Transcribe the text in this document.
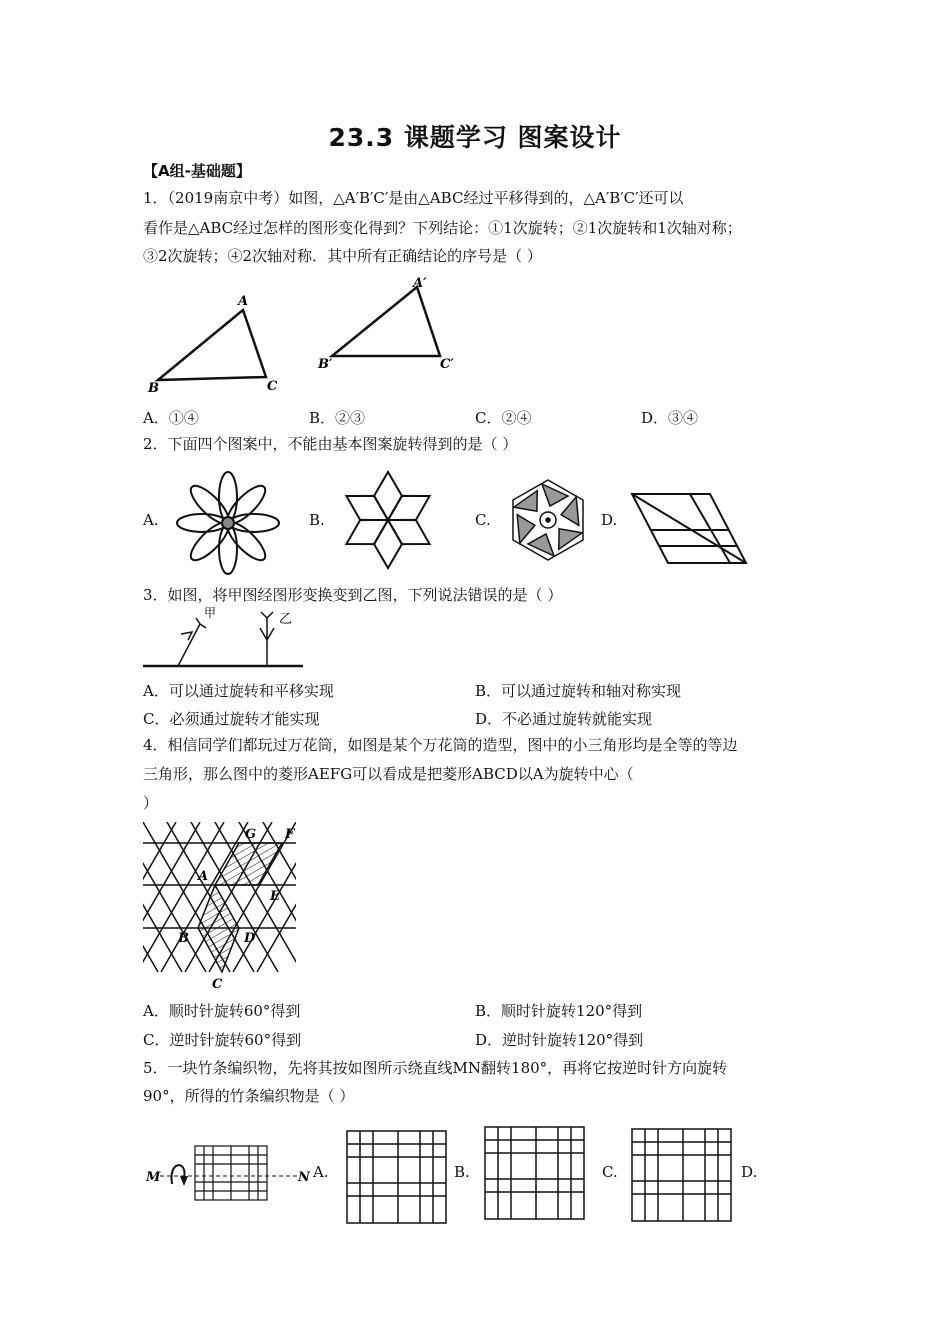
23.3 课题学习 图案设计
【A组-基础题】
1．（2019南京中考）如图，△A′B′C′是由△ABC经过平移得到的，△A′B′C′还可以
看作是△ABC经过怎样的图形变化得到？下列结论：①1次旋转；②1次旋转和1次轴对称；
③2次旋转；④2次轴对称．其中所有正确结论的序号是（ ）
A
B	C
A′
B′	C′
A．①④	B．②③	C．②④	D．③④
2．下面四个图案中，不能由基本图案旋转得到的是（ ）
A.	B.	C.	D.
3．如图，将甲图经图形变换变到乙图，下列说法错误的是（ ）
甲	乙
A．可以通过旋转和平移实现	B．可以通过旋转和轴对称实现
C．必须通过旋转才能实现	D．不必通过旋转就能实现
4．相信同学们都玩过万花筒，如图是某个万花筒的造型，图中的小三角形均是全等的等边
三角形，那么图中的菱形AEFG可以看成是把菱形ABCD以A为旋转中心（
）
G F
A
E
B	D
C
A．顺时针旋转60°得到	B．顺时针旋转120°得到
C．逆时针旋转60°得到	D．逆时针旋转120°得到
5．一块竹条编织物，先将其按如图所示绕直线MN翻转180°，再将它按逆时针方向旋转
90°，所得的竹条编织物是（ ）
M	N A.	B.	C.	D.
